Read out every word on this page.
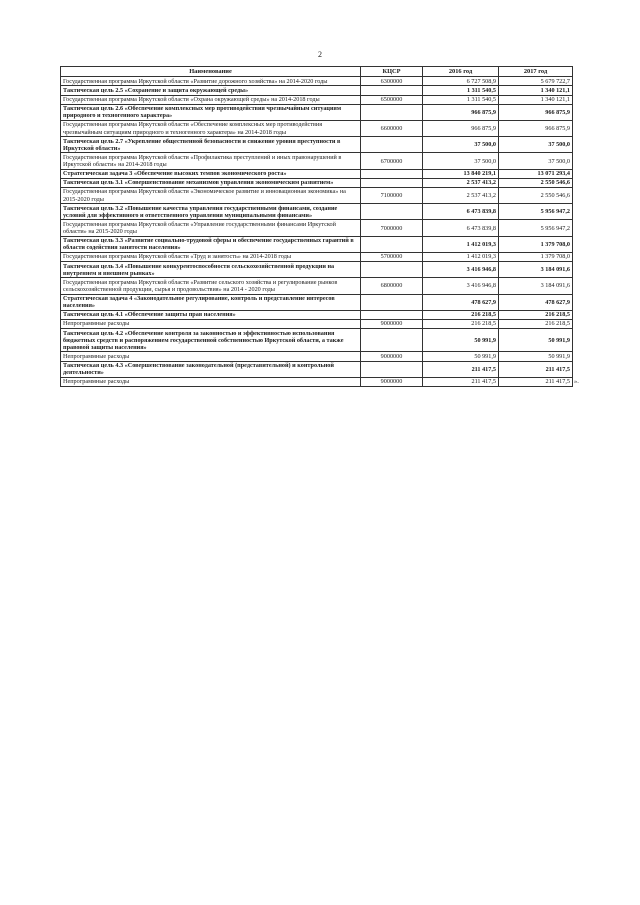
2
Наименование	КЦСР	2016 год	2017 год
Государственная программа Иркутской области «Развитие дорожного хозяйства» на 2014-2020 годы	6300000	6 727 508,9	5 679 722,7
Тактическая цель 2.5 «Сохранение и защита окружающей среды»		1 311 540,5	1 340 121,1
Государственная программа Иркутской области «Охрана окружающей среды» на 2014-2018 годы	6500000	1 311 540,5	1 340 121,1
Тактическая цель 2.6 «Обеспечение комплексных мер противодействия чрезвычайным ситуациям природного и техногенного характера»		966 875,9	966 875,9
Государственная программа Иркутской области «Обеспечение комплексных мер противодействия чрезвычайным ситуациям природного и техногенного характера» на 2014-2018 годы	6600000	966 875,9	966 875,9
Тактическая цель 2.7 «Укрепление общественной безопасности и снижение уровня преступности в Иркутской области»		37 500,0	37 500,0
Государственная программа Иркутской области «Профилактика преступлений и иных правонарушений в Иркутской области» на 2014-2018 годы	6700000	37 500,0	37 500,0
Стратегическая задача 3 «Обеспечение высоких темпов экономического роста»		13 840 219,1	13 071 293,4
Тактическая цель 3.1 «Совершенствование механизмов управления экономическим развитием»		2 537 413,2	2 550 546,6
Государственная программа Иркутской области «Экономическое развитие и инновационная экономика» на 2015-2020 годы	7100000	2 537 413,2	2 550 546,6
Тактическая цель 3.2 «Повышение качества управления государственными финансами, создание условий для эффективного и ответственного управления муниципальными финансами»		6 473 839,8	5 956 947,2
Государственная программа Иркутской области «Управление государственными финансами Иркутской области» на 2015-2020 годы	7000000	6 473 839,8	5 956 947,2
Тактическая цель 3.3 «Развитие социально-трудовой сферы и обеспечение государственных гарантий в области содействия занятости населения»		1 412 019,3	1 379 708,0
Государственная программа Иркутской области «Труд и занятость» на 2014-2018 годы	5700000	1 412 019,3	1 379 708,0
Тактическая цель 3.4 «Повышение конкурентоспособности сельскохозяйственной продукции на внутреннем и внешнем рынках»		3 416 946,8	3 184 091,6
Государственная программа Иркутской области «Развитие сельского хозяйства и регулирование рынков сельскохозяйственной продукции, сырья и продовольствия» на 2014 - 2020 годы	6800000	3 416 946,8	3 184 091,6
Стратегическая задача 4 «Законодательное регулирование, контроль и представление интересов населения»		478 627,9	478 627,9
Тактическая цель 4.1 «Обеспечение защиты прав населения»		216 218,5	216 218,5
Непрограммные расходы	9000000	216 218,5	216 218,5
Тактическая цель 4.2 «Обеспечение контроля за законностью и эффективностью использования бюджетных средств и распоряжением государственной собственностью Иркутской области, а также правовой защиты населения»		50 991,9	50 991,9
Непрограммные расходы	9000000	50 991,9	50 991,9
Тактическая цель 4.3 «Совершенствование законодательной (представительной) и контрольной деятельности»		211 417,5	211 417,5
Непрограммные расходы	9000000	211 417,5	211 417,5 ».
